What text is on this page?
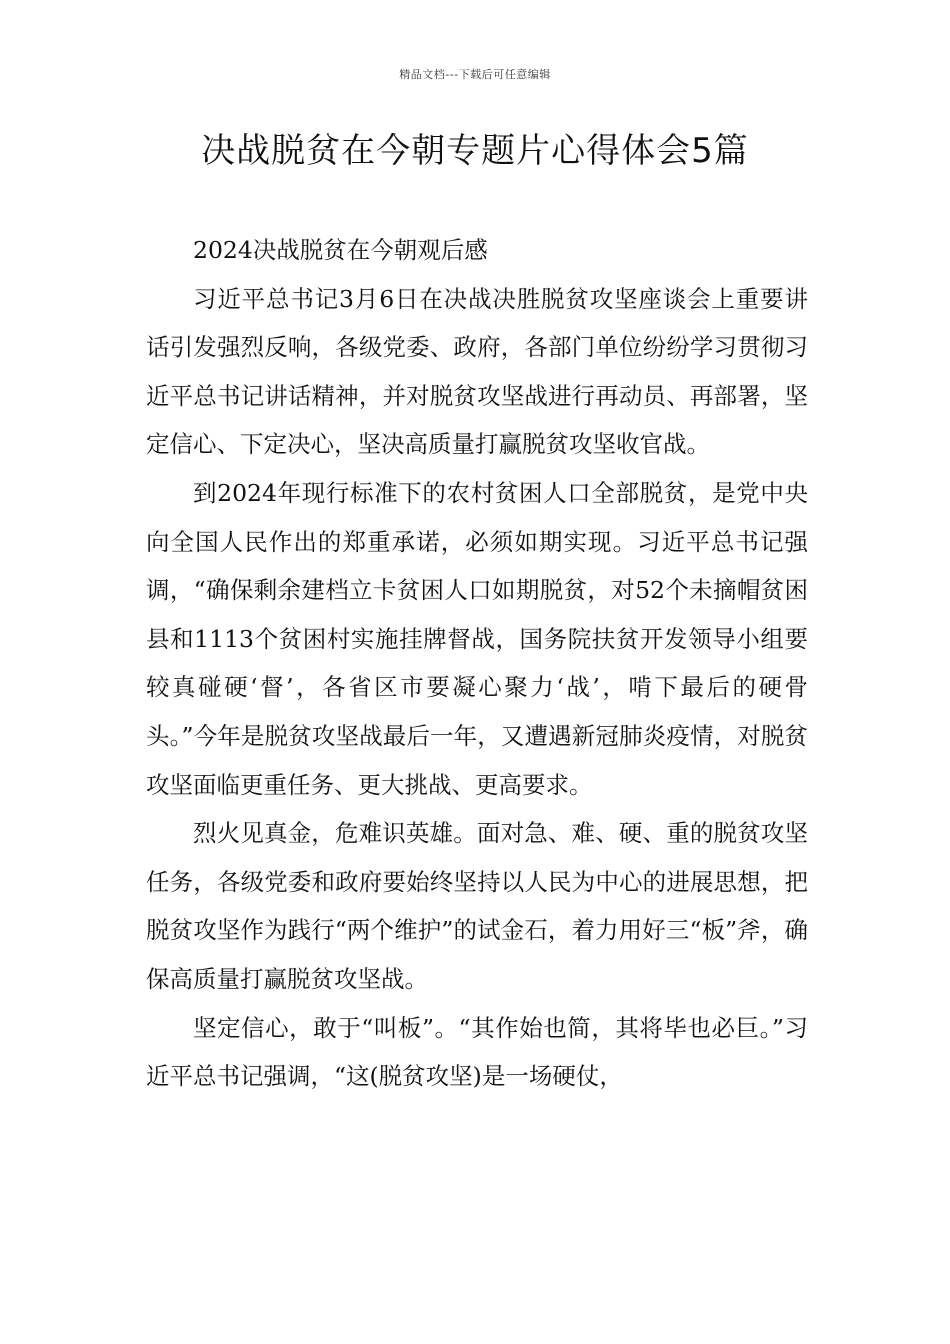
精品文档---下载后可任意编辑
决战脱贫在今朝专题片心得体会5篇

2024决战脱贫在今朝观后感

习近平总书记3月6日在决战决胜脱贫攻坚座谈会上重要讲话引发强烈反响，各级党委、政府，各部门单位纷纷学习贯彻习近平总书记讲话精神，并对脱贫攻坚战进行再动员、再部署，坚定信心、下定决心，坚决高质量打赢脱贫攻坚收官战。

到2024年现行标准下的农村贫困人口全部脱贫，是党中央向全国人民作出的郑重承诺，必须如期实现。习近平总书记强调，“确保剩余建档立卡贫困人口如期脱贫，对52个未摘帽贫困县和1113个贫困村实施挂牌督战，国务院扶贫开发领导小组要较真碰硬‘督’，各省区市要凝心聚力‘战’，啃下最后的硬骨头。”今年是脱贫攻坚战最后一年，又遭遇新冠肺炎疫情，对脱贫攻坚面临更重任务、更大挑战、更高要求。

烈火见真金，危难识英雄。面对急、难、硬、重的脱贫攻坚任务，各级党委和政府要始终坚持以人民为中心的进展思想，把脱贫攻坚作为践行“两个维护”的试金石，着力用好三“板”斧，确保高质量打赢脱贫攻坚战。

坚定信心，敢于“叫板”。“其作始也简，其将毕也必巨。”习近平总书记强调，“这(脱贫攻坚)是一场硬仗，
